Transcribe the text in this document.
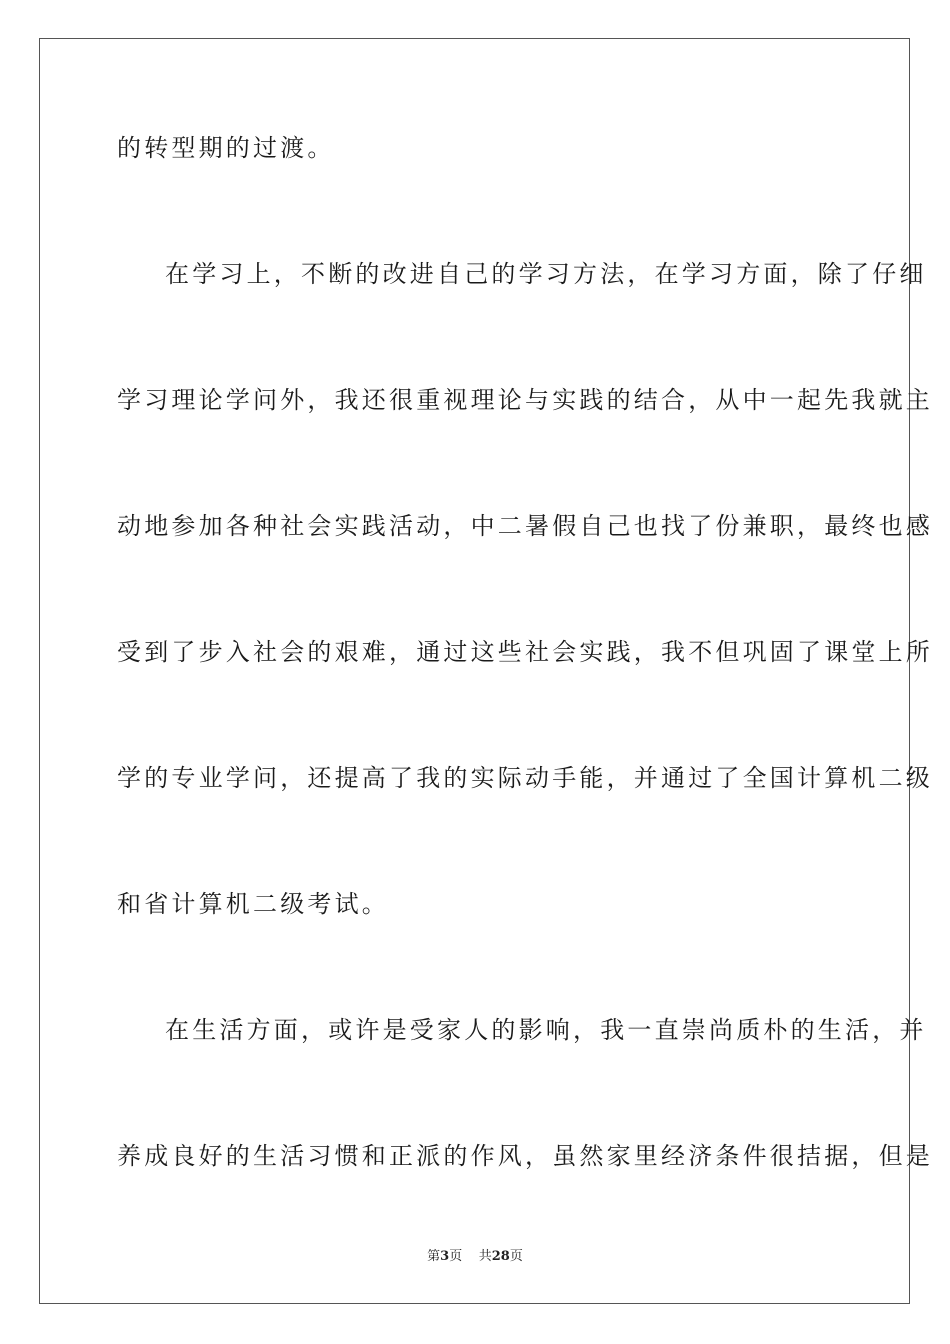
的转型期的过渡。
在学习上，不断的改进自己的学习方法，在学习方面，除了仔细
学习理论学问外，我还很重视理论与实践的结合，从中一起先我就主
动地参加各种社会实践活动，中二暑假自己也找了份兼职，最终也感
受到了步入社会的艰难，通过这些社会实践，我不但巩固了课堂上所
学的专业学问，还提高了我的实际动手能，并通过了全国计算机二级
和省计算机二级考试。
在生活方面，或许是受家人的影响，我一直崇尚质朴的生活，并
养成良好的生活习惯和正派的作风，虽然家里经济条件很拮据，但是
第3页 共28页
